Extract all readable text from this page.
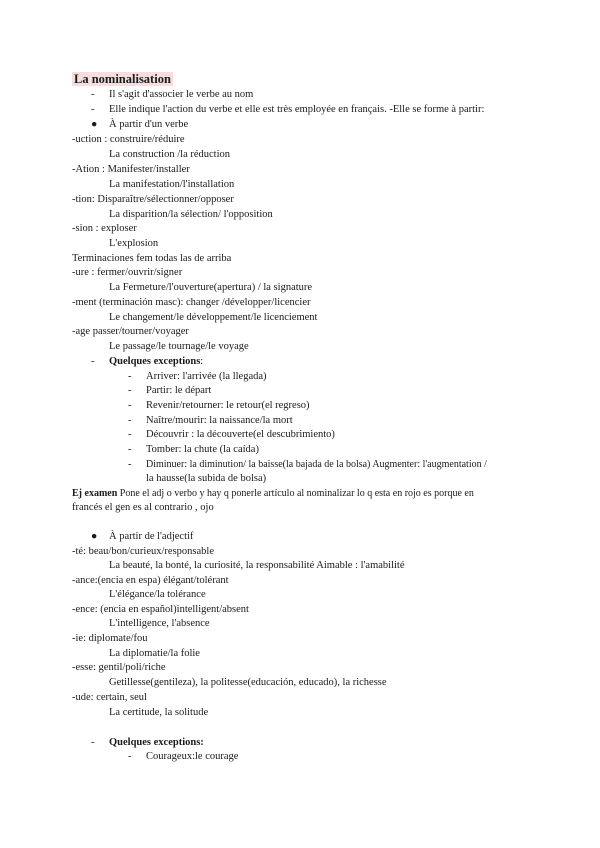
La nominalisation
- Il s'agit d'associer le verbe au nom
- Elle indique l'action du verbe et elle est très employée en français. -Elle se forme à partir:
● À partir d'un verbe
-uction : construire/réduire
La construction /la réduction
-Ation : Manifester/installer
La manifestation/l'installation
-tion: Disparaître/sélectionner/opposer
La disparition/la sélection/ l'opposition
-sion : exploser
L'explosion
Terminaciones fem todas las de arriba
-ure : fermer/ouvrir/signer
La Fermeture/l'ouverture(apertura) / la signature
-ment (terminación masc): changer /développer/licencier
Le changement/le développement/le licenciement
-age passer/tourner/voyager
Le passage/le tournage/le voyage
- Quelques exceptions:
- Arriver: l'arrivée (la llegada)
- Partir: le départ
- Revenir/retourner: le retour(el regreso)
- Naître/mourir: la naissance/la mort
- Découvrir : la découverte(el descubrimiento)
- Tomber: la chute (la caída)
- Diminuer: la diminution/ la baisse(la bajada de la bolsa) Augmenter: l'augmentation /
la hausse(la subida de bolsa)
Ej examen Pone el adj o verbo y hay q ponerle artículo al nominalizar lo q esta en rojo es porque en
francés el gen es al contrario , ojo
● À partir de l'adjectif
-té: beau/bon/curieux/responsable
La beauté, la bonté, la curiosité, la responsabilité Aimable : l'amabilité
-ance:(encia en espa) élégant/tolérant
L'élégance/la tolérance
-ence: (encia en español)intelligent/absent
L'intelligence, l'absence
-ie: diplomate/fou
La diplomatie/la folie
-esse: gentil/poli/riche
Getillesse(gentileza), la politesse(educación, educado), la richesse
-ude: certain, seul
La certitude, la solitude
- Quelques exceptions:
- Courageux:le courage
